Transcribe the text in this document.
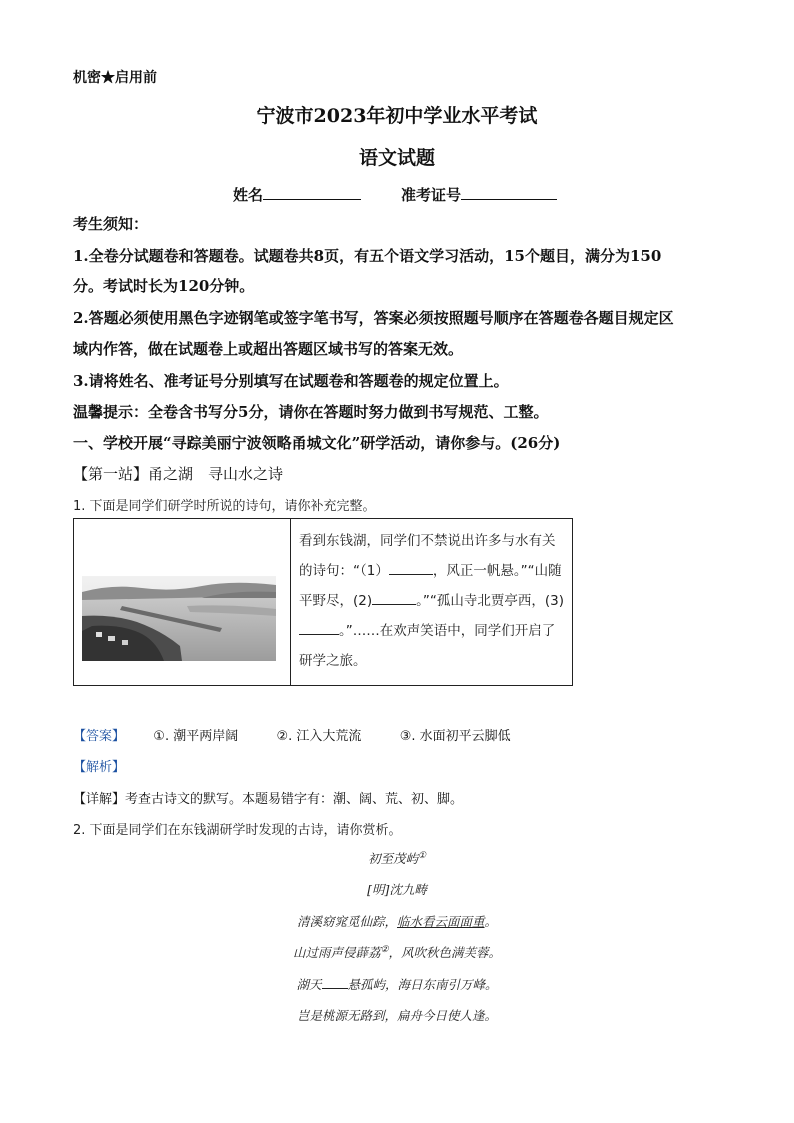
机密★启用前
宁波市2023年初中学业水平考试
语文试题
姓名	准考证号
考生须知：
1.全卷分试题卷和答题卷。试题卷共8页，有五个语文学习活动，15个题目，满分为150
分。考试时长为120分钟。
2.答题必须使用黑色字迹钢笔或签字笔书写，答案必须按照题号顺序在答题卷各题目规定区
域内作答，做在试题卷上或超出答题区域书写的答案无效。
3.请将姓名、准考证号分别填写在试题卷和答题卷的规定位置上。
温馨提示：全卷含书写分5分，请你在答题时努力做到书写规范、工整。
一、学校开展“寻踪美丽宁波领略甬城文化”研学活动，请你参与。(26分)
【第一站】甬之湖　寻山水之诗
1. 下面是同学们研学时所说的诗句，请你补充完整。

看到东钱湖，同学们不禁说出许多与水有关的诗句：“（1）	，风正一帆悬。”“山随平野尽，(2)	。”“孤山寺北贾亭西，(3)。”……在欢声笑语中，同学们开启了研学之旅。
【答案】 ①. 潮平两岸阔	②. 江入大荒流	③. 水面初平云脚低
【解析】
【详解】考查古诗文的默写。本题易错字有：潮、阔、荒、初、脚。
2. 下面是同学们在东钱湖研学时发现的古诗，请你赏析。
初至茂屿①
[明]沈九畴
清溪窈窕觅仙踪，临水看云面面重。
山过雨声侵薜荔②，风吹秋色满芙蓉。
湖天 悬孤屿，海日东南引万峰。
岂是桃源无路到，扁舟今日使人逢。
